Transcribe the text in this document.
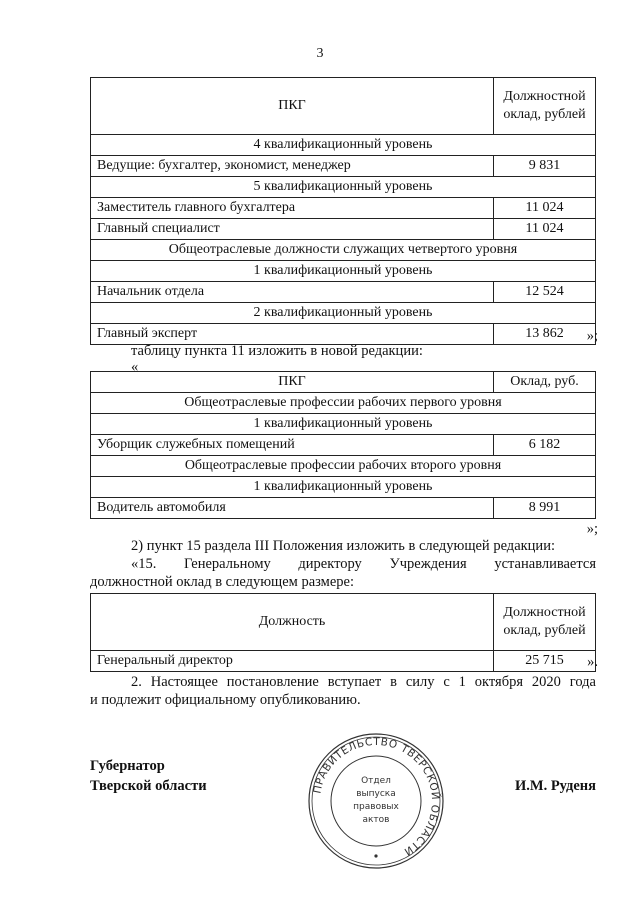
3
ПКГ	Должностной оклад, рублей
4 квалификационный уровень	
Ведущие: бухгалтер, экономист, менеджер	9 831
5 квалификационный уровень	
Заместитель главного бухгалтера	11 024
Главный специалист	11 024
Общеотраслевые должности служащих четвертого уровня	
1 квалификационный уровень	
Начальник отдела	12 524
2 квалификационный уровень	
Главный эксперт	13 862	»;
таблицу пункта 11 изложить в новой редакции:
«
ПКГ	Оклад, руб.
Общеотраслевые профессии рабочих первого уровня	
1 квалификационный уровень	
Уборщик служебных помещений	6 182
Общеотраслевые профессии рабочих второго уровня	
1 квалификационный уровень	
Водитель автомобиля	8 991
»;
2) пункт 15 раздела III Положения изложить в следующей редакции:
«15. Генеральному директору Учреждения устанавливается
должностной оклад в следующем размере:
Должность	Должностной оклад, рублей
Генеральный директор	25 715	».
2. Настоящее постановление вступает в силу с 1 октября 2020 года
и подлежит официальному опубликованию.
Губернатор
Тверской области	И.М. Руденя
ПРАВИТЕЛЬСТВО ТВЕРСКОЙ ОБЛАСТИ
Отдел
выпуска
правовых
актов
